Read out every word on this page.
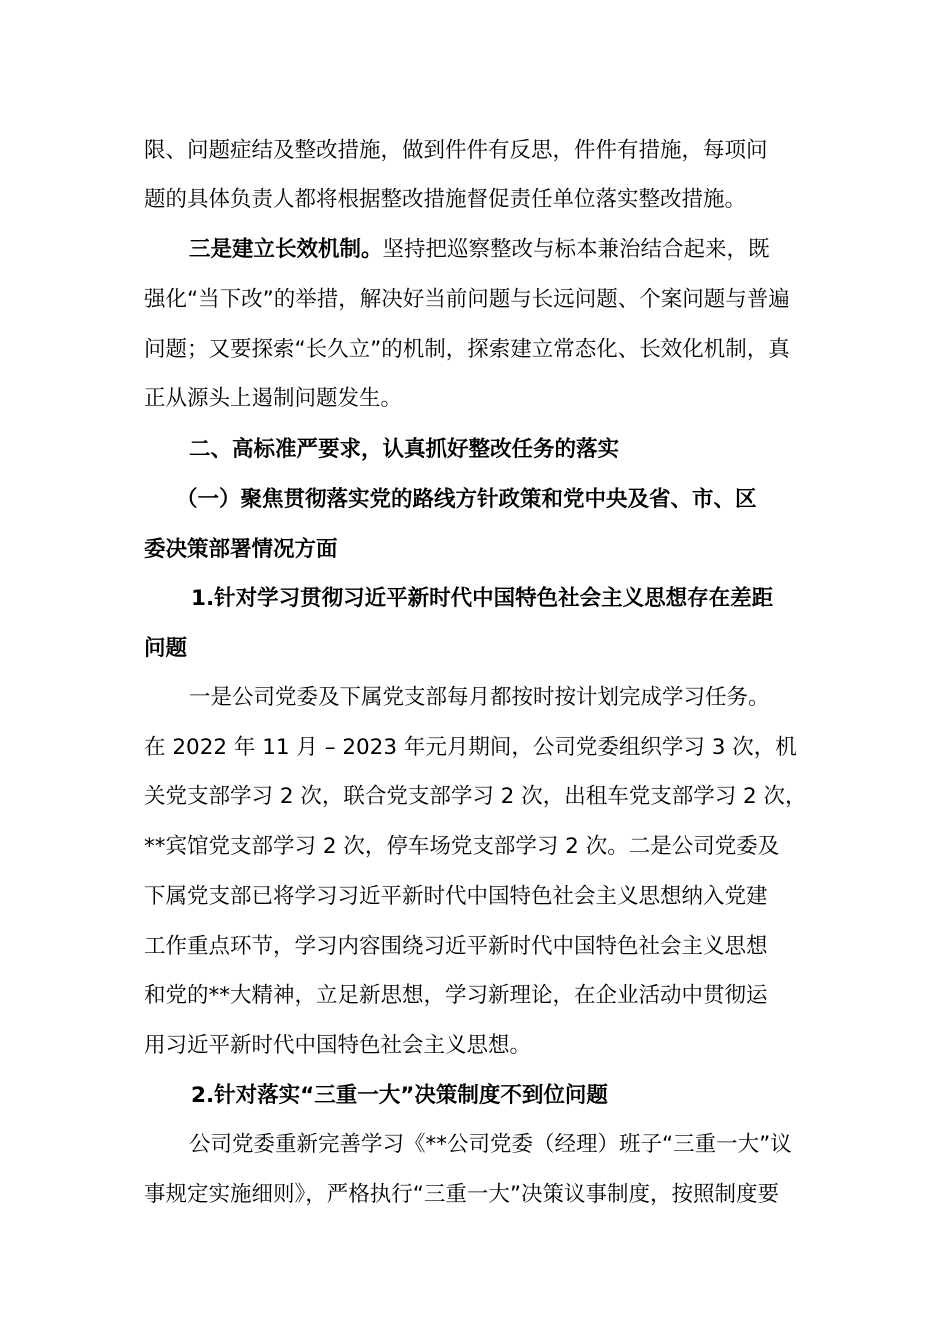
限、问题症结及整改措施，做到件件有反思，件件有措施，每项问
题的具体负责人都将根据整改措施督促责任单位落实整改措施。
三是建立长效机制。坚持把巡察整改与标本兼治结合起来，既
强化“当下改”的举措，解决好当前问题与长远问题、个案问题与普遍
问题；又要探索“长久立”的机制，探索建立常态化、长效化机制，真
正从源头上遏制问题发生。
二、高标准严要求，认真抓好整改任务的落实
（一）聚焦贯彻落实党的路线方针政策和党中央及省、市、区
委决策部署情况方面
1.针对学习贯彻习近平新时代中国特色社会主义思想存在差距
问题
一是公司党委及下属党支部每月都按时按计划完成学习任务。
在 2022 年 11 月 – 2023 年元月期间，公司党委组织学习 3 次，机
关党支部学习 2 次，联合党支部学习 2 次，出租车党支部学习 2 次，
**宾馆党支部学习 2 次，停车场党支部学习 2 次。二是公司党委及
下属党支部已将学习习近平新时代中国特色社会主义思想纳入党建
工作重点环节，学习内容围绕习近平新时代中国特色社会主义思想
和党的**大精神，立足新思想，学习新理论，在企业活动中贯彻运
用习近平新时代中国特色社会主义思想。
2.针对落实“三重一大”决策制度不到位问题
公司党委重新完善学习《**公司党委（经理）班子“三重一大”议
事规定实施细则》，严格执行“三重一大”决策议事制度，按照制度要
